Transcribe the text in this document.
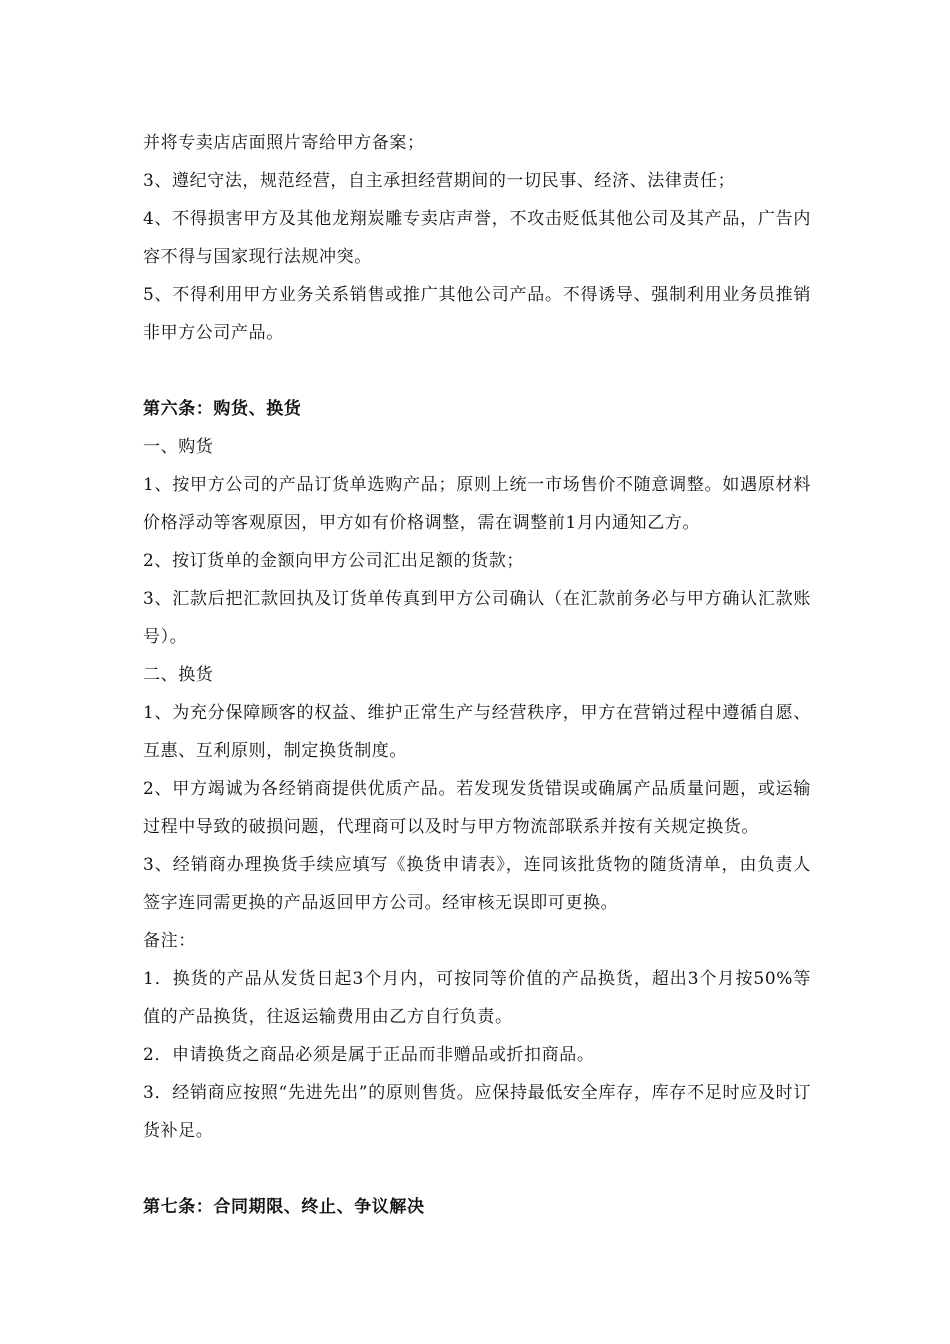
并将专卖店店面照片寄给甲方备案；

3、遵纪守法，规范经营，自主承担经营期间的一切民事、经济、法律责任；

4、不得损害甲方及其他龙翔炭雕专卖店声誉，不攻击贬低其他公司及其产品，广告内容不得与国家现行法规冲突。

5、不得利用甲方业务关系销售或推广其他公司产品。不得诱导、强制利用业务员推销非甲方公司产品。

第六条：购货、换货

一、购货

1、按甲方公司的产品订货单选购产品；原则上统一市场售价不随意调整。如遇原材料价格浮动等客观原因，甲方如有价格调整，需在调整前1月内通知乙方。

2、按订货单的金额向甲方公司汇出足额的货款；

3、汇款后把汇款回执及订货单传真到甲方公司确认（在汇款前务必与甲方确认汇款账号）。

二、换货

1、为充分保障顾客的权益、维护正常生产与经营秩序，甲方在营销过程中遵循自愿、互惠、互利原则，制定换货制度。

2、甲方竭诚为各经销商提供优质产品。若发现发货错误或确属产品质量问题，或运输过程中导致的破损问题，代理商可以及时与甲方物流部联系并按有关规定换货。

3、经销商办理换货手续应填写《换货申请表》，连同该批货物的随货清单，由负责人签字连同需更换的产品返回甲方公司。经审核无误即可更换。

备注：

1．换货的产品从发货日起3个月内，可按同等价值的产品换货，超出3个月按50%等值的产品换货，往返运输费用由乙方自行负责。

2．申请换货之商品必须是属于正品而非赠品或折扣商品。

3．经销商应按照“先进先出”的原则售货。应保持最低安全库存，库存不足时应及时订货补足。

第七条：合同期限、终止、争议解决
